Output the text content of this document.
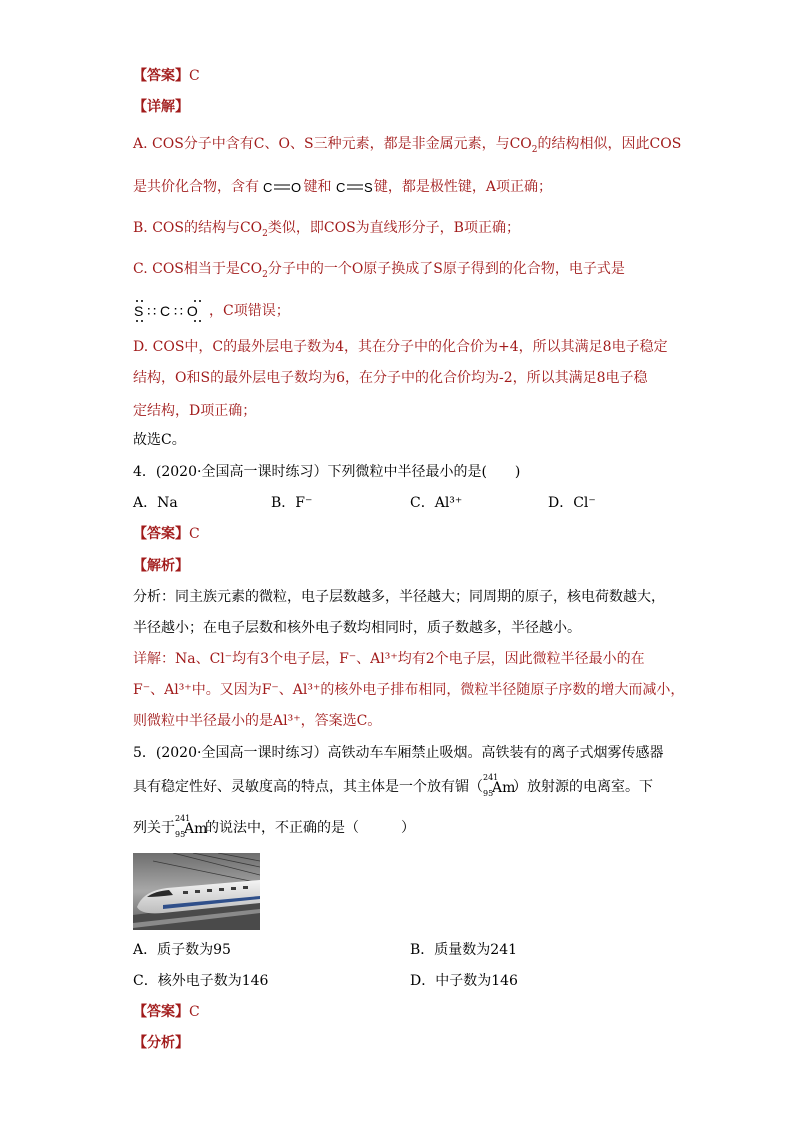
【答案】C
【详解】
A. COS分子中含有C、O、S三种元素，都是非金属元素，与$CO_2$的结构相似，因此COS
是共价化合物，含有 C O 键和 C S 键，都是极性键，A项正确；
B. COS的结构与$CO_2$类似，即COS为直线形分子，B项正确；
C. COS相当于是$CO_2$分子中的一个O原子换成了S原子得到的化合物，电子式是
S ∷ C ∷ O ，C项错误；
D. COS中，C的最外层电子数为4，其在分子中的化合价为+4，所以其满足8电子稳定
结构，O和S的最外层电子数均为6，在分子中的化合价均为-2，所以其满足8电子稳
定结构，D项正确；
故选C。
4．(2020·全国高一课时练习）下列微粒中半径最小的是(　　)
A．Na	B．F⁻	C．Al³⁺	D．Cl⁻
【答案】C
【解析】
分析：同主族元素的微粒，电子层数越多，半径越大；同周期的原子，核电荷数越大，
半径越小；在电子层数和核外电子数均相同时，质子数越多，半径越小。
详解：Na、Cl⁻均有3个电子层，F⁻、Al³⁺均有2个电子层，因此微粒半径最小的在
F⁻、Al³⁺中。又因为F⁻、Al³⁺的核外电子排布相同，微粒半径随原子序数的增大而减小，
则微粒中半径最小的是Al³⁺，答案选C。
5．(2020·全国高一课时练习）高铁动车车厢禁止吸烟。高铁装有的离子式烟雾传感器
具有稳定性好、灵敏度高的特点，其主体是一个放有镅（
241
95
Am
）放射源的电离室。下
列关于
241
95
Am
的说法中，不正确的是（　　　）
A．质子数为95	B．质量数为241
C．核外电子数为146	D．中子数为146
【答案】C
【分析】
